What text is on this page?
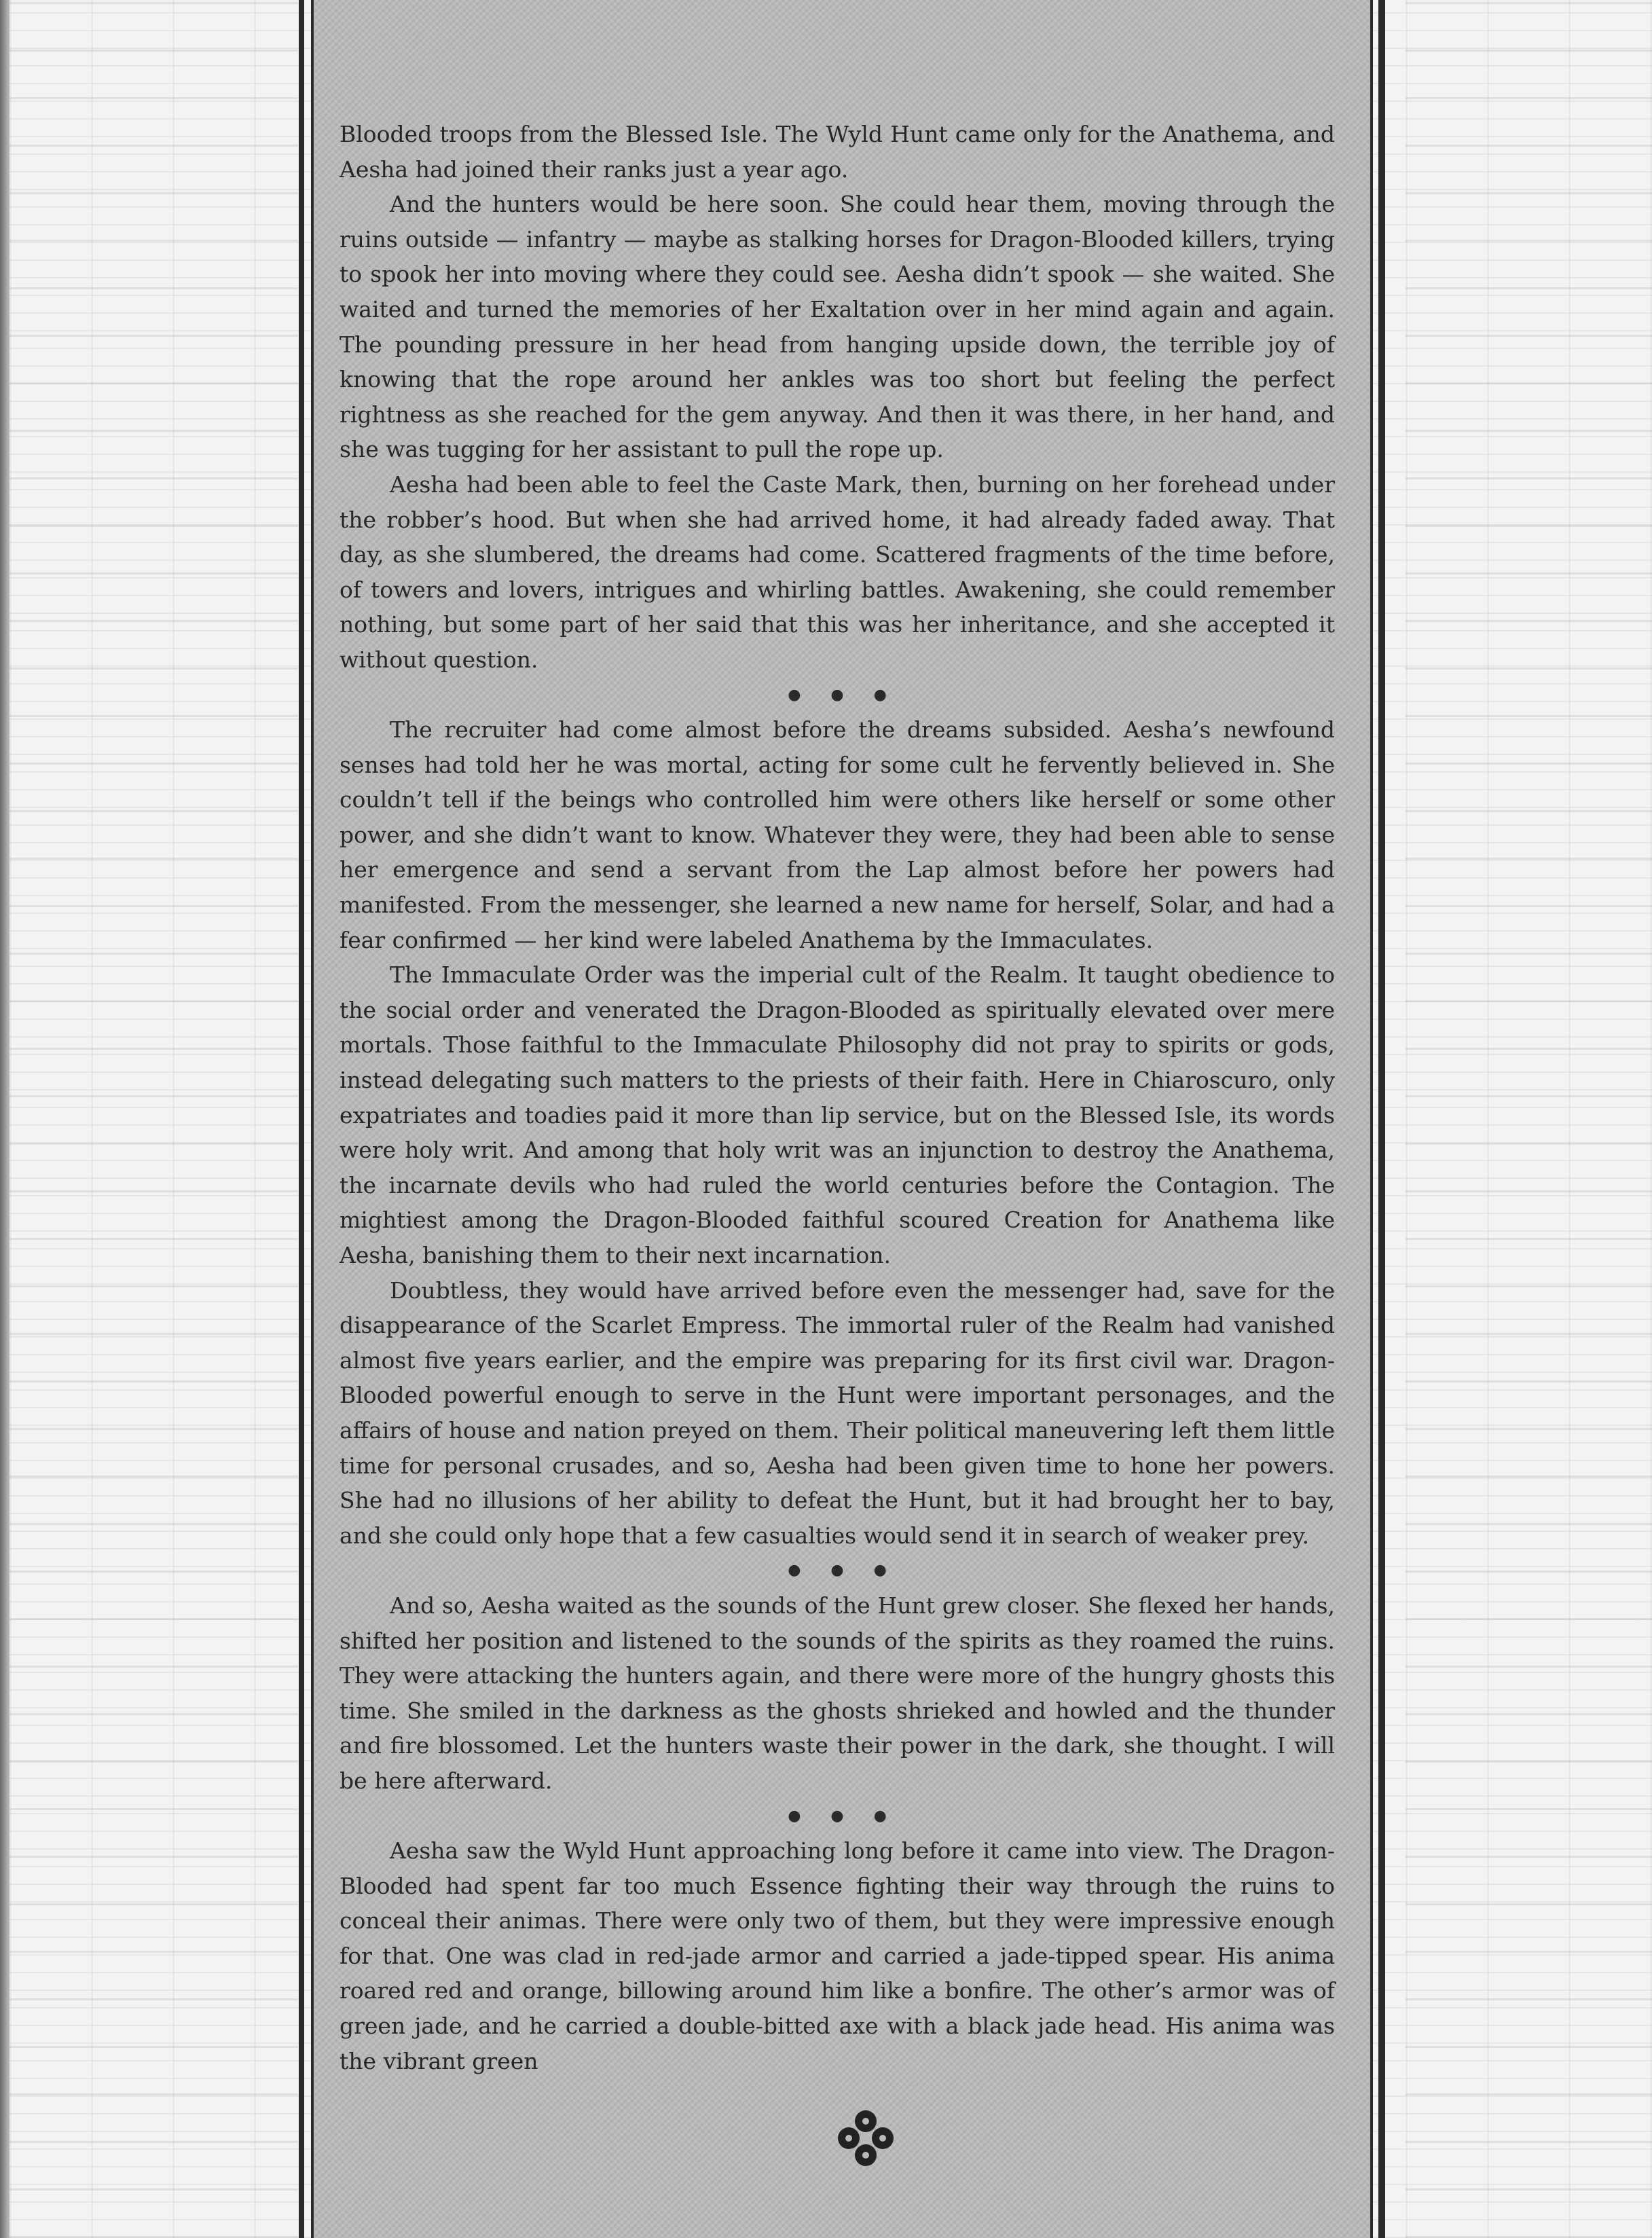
Blooded troops from the Blessed Isle. The Wyld Hunt came only for the Anathema, and Aesha had joined their ranks just a year ago.

And the hunters would be here soon. She could hear them, moving through the ruins outside — infantry — maybe as stalking horses for Dragon-Blooded killers, trying to spook her into moving where they could see. Aesha didn’t spook — she waited. She waited and turned the memories of her Exaltation over in her mind again and again. The pounding pressure in her head from hanging upside down, the terrible joy of knowing that the rope around her ankles was too short but feeling the perfect rightness as she reached for the gem anyway. And then it was there, in her hand, and she was tugging for her assistant to pull the rope up.

Aesha had been able to feel the Caste Mark, then, burning on her forehead under the robber’s hood. But when she had arrived home, it had already faded away. That day, as she slumbered, the dreams had come. Scattered fragments of the time before, of towers and lovers, intrigues and whirling battles. Awakening, she could remember nothing, but some part of her said that this was her inheritance, and she accepted it without question.

● ● ●

The recruiter had come almost before the dreams subsided. Aesha’s newfound senses had told her he was mortal, acting for some cult he fervently believed in. She couldn’t tell if the beings who controlled him were others like herself or some other power, and she didn’t want to know. Whatever they were, they had been able to sense her emergence and send a servant from the Lap almost before her powers had manifested. From the messenger, she learned a new name for herself, Solar, and had a fear confirmed — her kind were labeled Anathema by the Immaculates.

The Immaculate Order was the imperial cult of the Realm. It taught obedience to the social order and venerated the Dragon-Blooded as spiritually elevated over mere mortals. Those faithful to the Immaculate Philosophy did not pray to spirits or gods, instead delegating such matters to the priests of their faith. Here in Chiaroscuro, only expatriates and toadies paid it more than lip service, but on the Blessed Isle, its words were holy writ. And among that holy writ was an injunction to destroy the Anathema, the incarnate devils who had ruled the world centuries before the Contagion. The mightiest among the Dragon-Blooded faithful scoured Creation for Anathema like Aesha, banishing them to their next incarnation.

Doubtless, they would have arrived before even the messenger had, save for the disappearance of the Scarlet Empress. The immortal ruler of the Realm had vanished almost five years earlier, and the empire was preparing for its first civil war. Dragon-Blooded powerful enough to serve in the Hunt were important personages, and the affairs of house and nation preyed on them. Their political maneuvering left them little time for personal crusades, and so, Aesha had been given time to hone her powers. She had no illusions of her ability to defeat the Hunt, but it had brought her to bay, and she could only hope that a few casualties would send it in search of weaker prey.

● ● ●

And so, Aesha waited as the sounds of the Hunt grew closer. She flexed her hands, shifted her position and listened to the sounds of the spirits as they roamed the ruins. They were attacking the hunters again, and there were more of the hungry ghosts this time. She smiled in the darkness as the ghosts shrieked and howled and the thunder and fire blossomed. Let the hunters waste their power in the dark, she thought. I will be here afterward.

● ● ●

Aesha saw the Wyld Hunt approaching long before it came into view. The Dragon-Blooded had spent far too much Essence fighting their way through the ruins to conceal their animas. There were only two of them, but they were impressive enough for that. One was clad in red-jade armor and carried a jade-tipped spear. His anima roared red and orange, billowing around him like a bonfire. The other’s armor was of green jade, and he carried a double-bitted axe with a black jade head. His anima was the vibrant green
